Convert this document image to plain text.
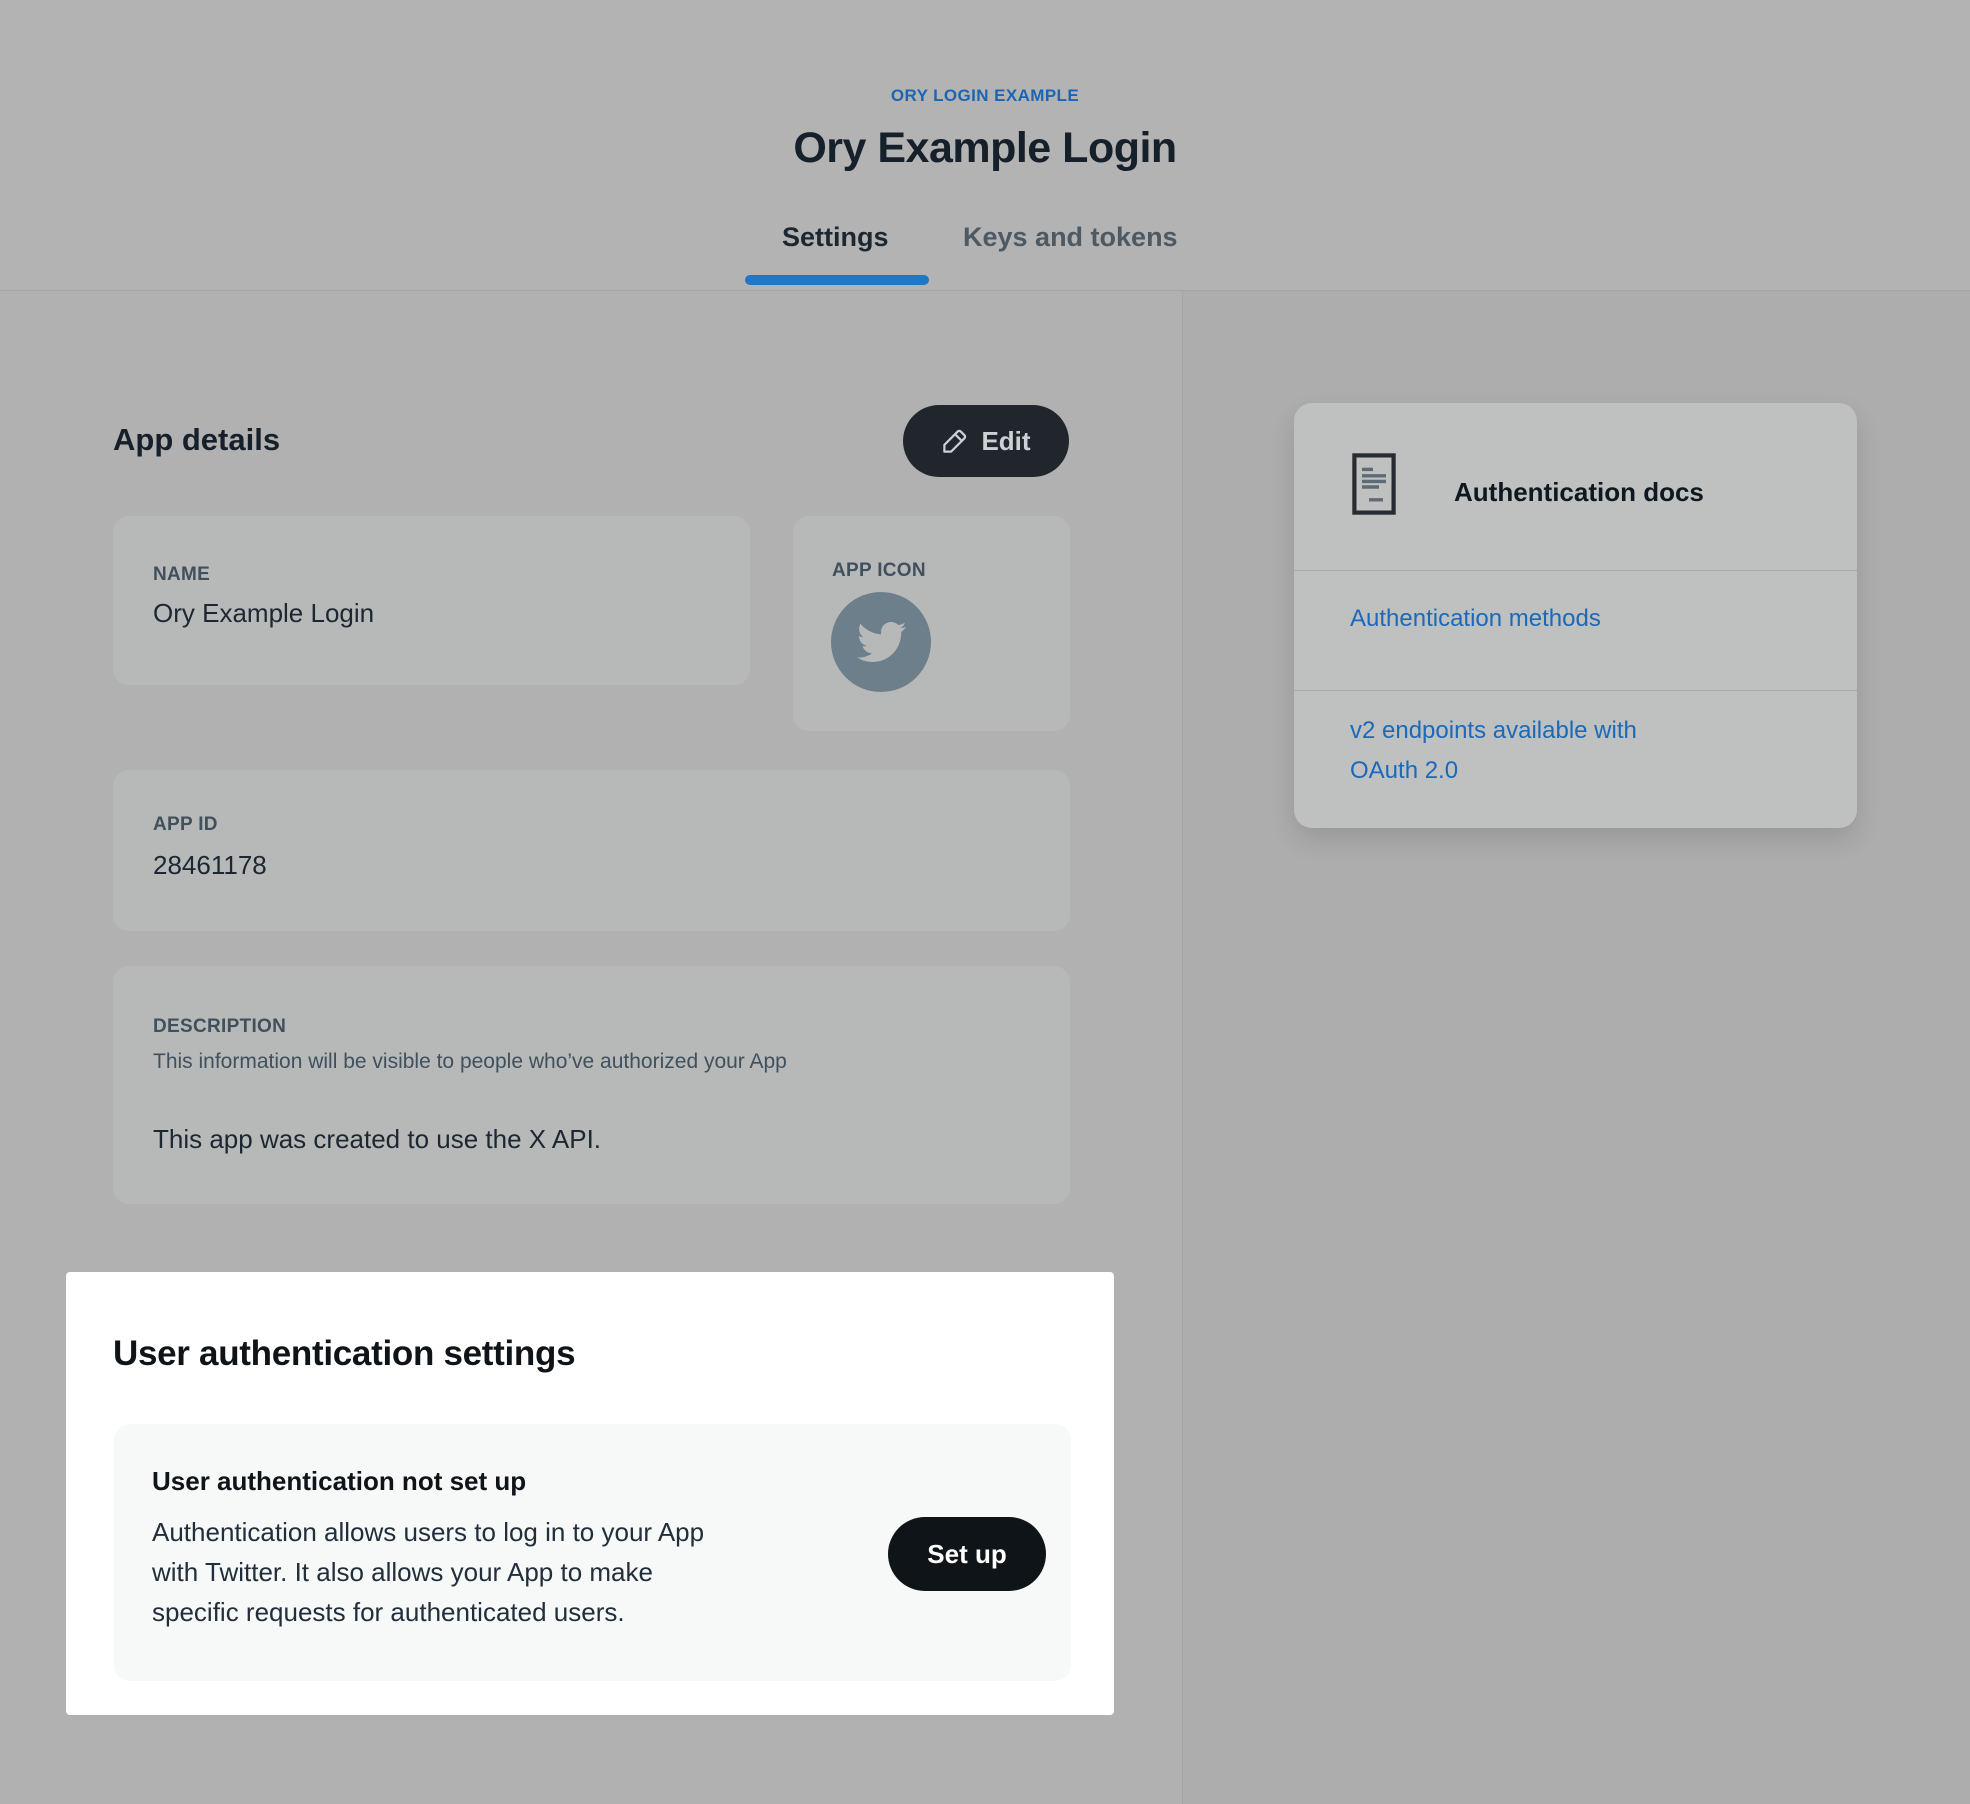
ORY LOGIN EXAMPLE
Ory Example Login
Settings	Keys and tokens
App details	Edit
NAME
Ory Example Login
APP ICON
APP ID
28461178
DESCRIPTION
This information will be visible to people who’ve authorized your App
This app was created to use the X API.
Authentication docs
Authentication methods
v2 endpoints available with
OAuth 2.0
User authentication settings
User authentication not set up
Authentication allows users to log in to your App
with Twitter. It also allows your App to make
specific requests for authenticated users.
Set up
